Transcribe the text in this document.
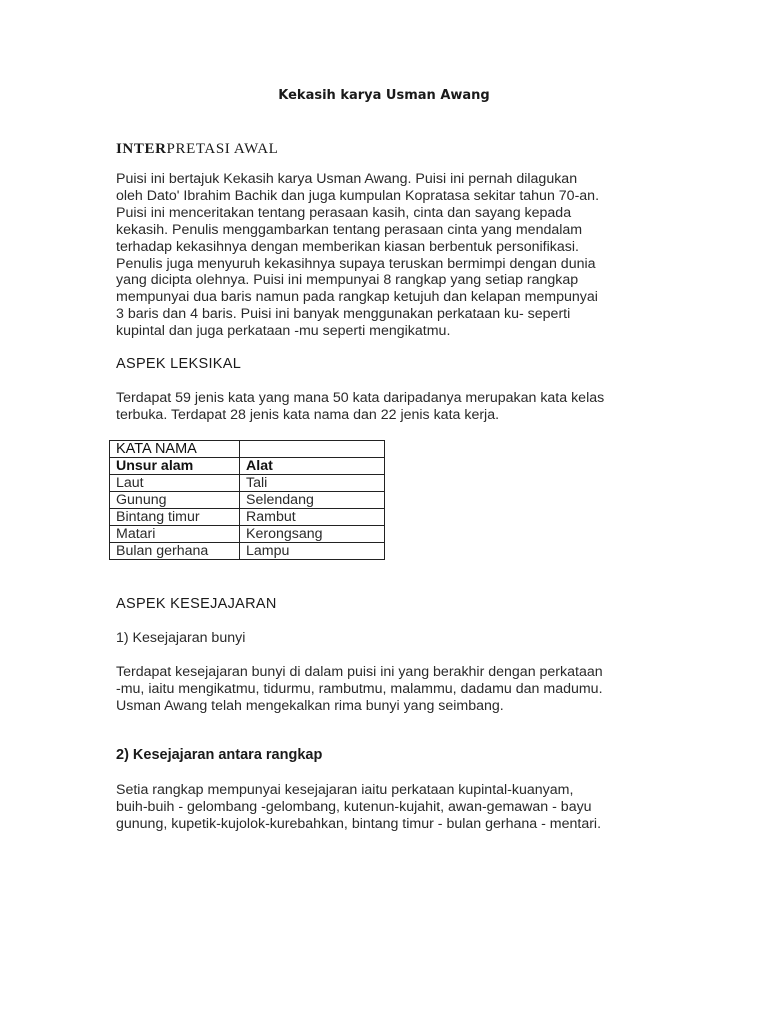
Kekasih karya Usman Awang
INTERPRETASI AWAL
Puisi ini bertajuk Kekasih karya Usman Awang. Puisi ini pernah dilagukan
oleh Dato' Ibrahim Bachik dan juga kumpulan Kopratasa sekitar tahun 70-an.
Puisi ini menceritakan tentang perasaan kasih, cinta dan sayang kepada
kekasih. Penulis menggambarkan tentang perasaan cinta yang mendalam
terhadap kekasihnya dengan memberikan kiasan berbentuk personifikasi.
Penulis juga menyuruh kekasihnya supaya teruskan bermimpi dengan dunia
yang dicipta olehnya. Puisi ini mempunyai 8 rangkap yang setiap rangkap
mempunyai dua baris namun pada rangkap ketujuh dan kelapan mempunyai
3 baris dan 4 baris. Puisi ini banyak menggunakan perkataan ku- seperti
kupintal dan juga perkataan -mu seperti mengikatmu.
ASPEK LEKSIKAL
Terdapat 59 jenis kata yang mana 50 kata daripadanya merupakan kata kelas
terbuka. Terdapat 28 jenis kata nama dan 22 jenis kata kerja.
KATA NAMA	
Unsur alam	Alat
Laut	Tali
Gunung	Selendang
Bintang timur	Rambut
Matari	Kerongsang
Bulan gerhana	Lampu
ASPEK KESEJAJARAN
1) Kesejajaran bunyi
Terdapat kesejajaran bunyi di dalam puisi ini yang berakhir dengan perkataan
-mu, iaitu mengikatmu, tidurmu, rambutmu, malammu, dadamu dan madumu.
Usman Awang telah mengekalkan rima bunyi yang seimbang.
2) Kesejajaran antara rangkap
Setia rangkap mempunyai kesejajaran iaitu perkataan kupintal-kuanyam,
buih-buih - gelombang -gelombang, kutenun-kujahit, awan-gemawan - bayu
gunung, kupetik-kujolok-kurebahkan, bintang timur - bulan gerhana - mentari.
